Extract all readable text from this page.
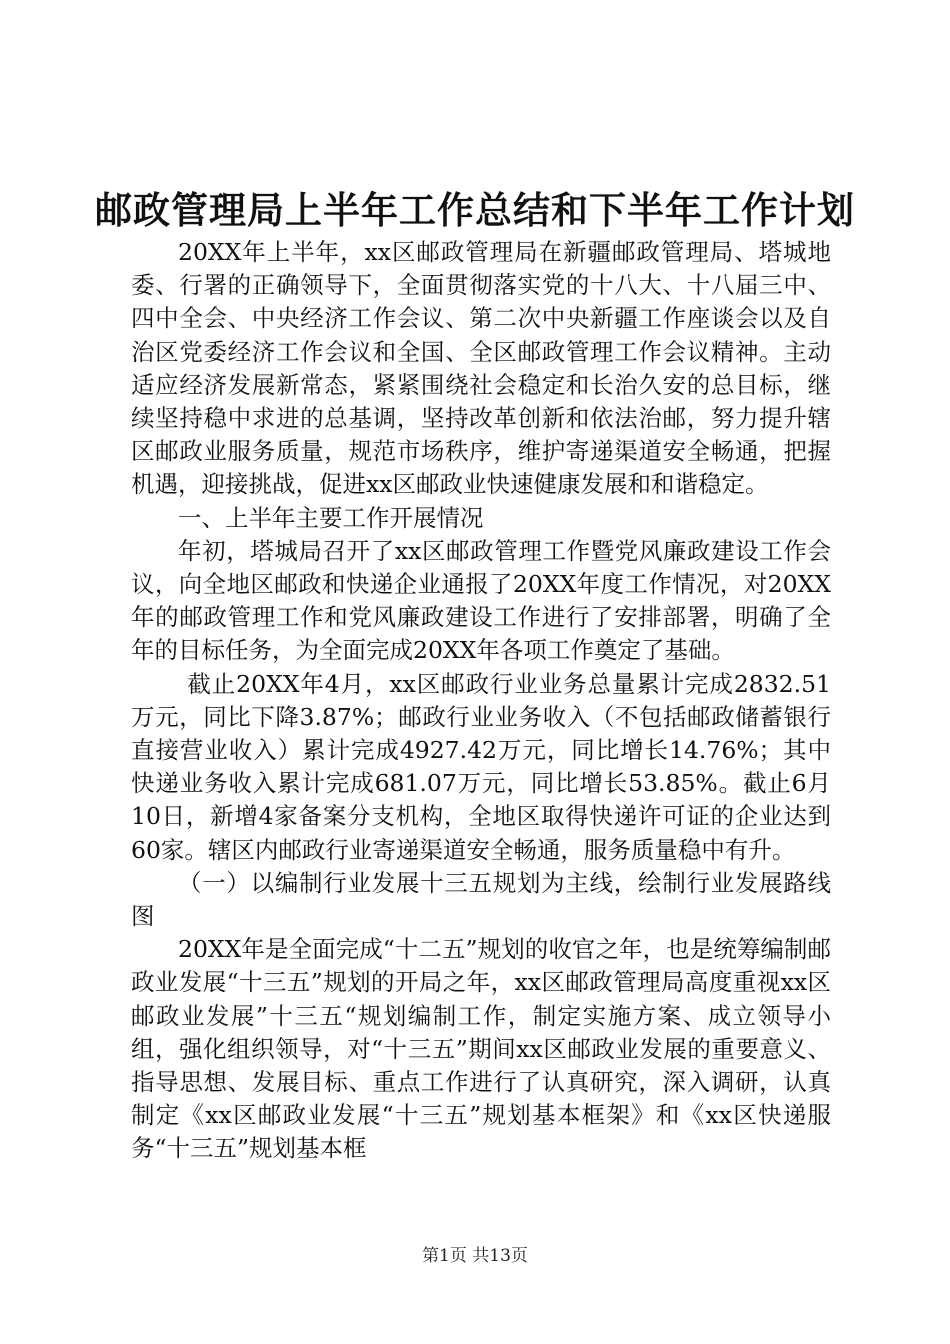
邮政管理局上半年工作总结和下半年工作计划

20XX年上半年，xx区邮政管理局在新疆邮政管理局、塔城地委、行署的正确领导下，全面贯彻落实党的十八大、十八届三中、四中全会、中央经济工作会议、第二次中央新疆工作座谈会以及自治区党委经济工作会议和全国、全区邮政管理工作会议精神。主动适应经济发展新常态，紧紧围绕社会稳定和长治久安的总目标，继续坚持稳中求进的总基调，坚持改革创新和依法治邮，努力提升辖区邮政业服务质量，规范市场秩序，维护寄递渠道安全畅通，把握机遇，迎接挑战，促进xx区邮政业快速健康发展和和谐稳定。

一、上半年主要工作开展情况

年初，塔城局召开了xx区邮政管理工作暨党风廉政建设工作会议，向全地区邮政和快递企业通报了20XX年度工作情况，对20XX年的邮政管理工作和党风廉政建设工作进行了安排部署，明确了全年的目标任务，为全面完成20XX年各项工作奠定了基础。

截止20XX年4月，xx区邮政行业业务总量累计完成2832.51万元，同比下降3.87%；邮政行业业务收入（不包括邮政储蓄银行直接营业收入）累计完成4927.42万元，同比增长14.76%；其中快递业务收入累计完成681.07万元，同比增长53.85%。截止6月10日，新增4家备案分支机构，全地区取得快递许可证的企业达到60家。辖区内邮政行业寄递渠道安全畅通，服务质量稳中有升。

（一）以编制行业发展十三五规划为主线，绘制行业发展路线图

20XX年是全面完成“十二五”规划的收官之年，也是统筹编制邮政业发展“十三五”规划的开局之年，xx区邮政管理局高度重视xx区邮政业发展”十三五“规划编制工作，制定实施方案、成立领导小组，强化组织领导，对“十三五”期间xx区邮政业发展的重要意义、指导思想、发展目标、重点工作进行了认真研究，深入调研，认真制定《xx区邮政业发展“十三五”规划基本框架》和《xx区快递服务“十三五”规划基本框

第1页 共13页
